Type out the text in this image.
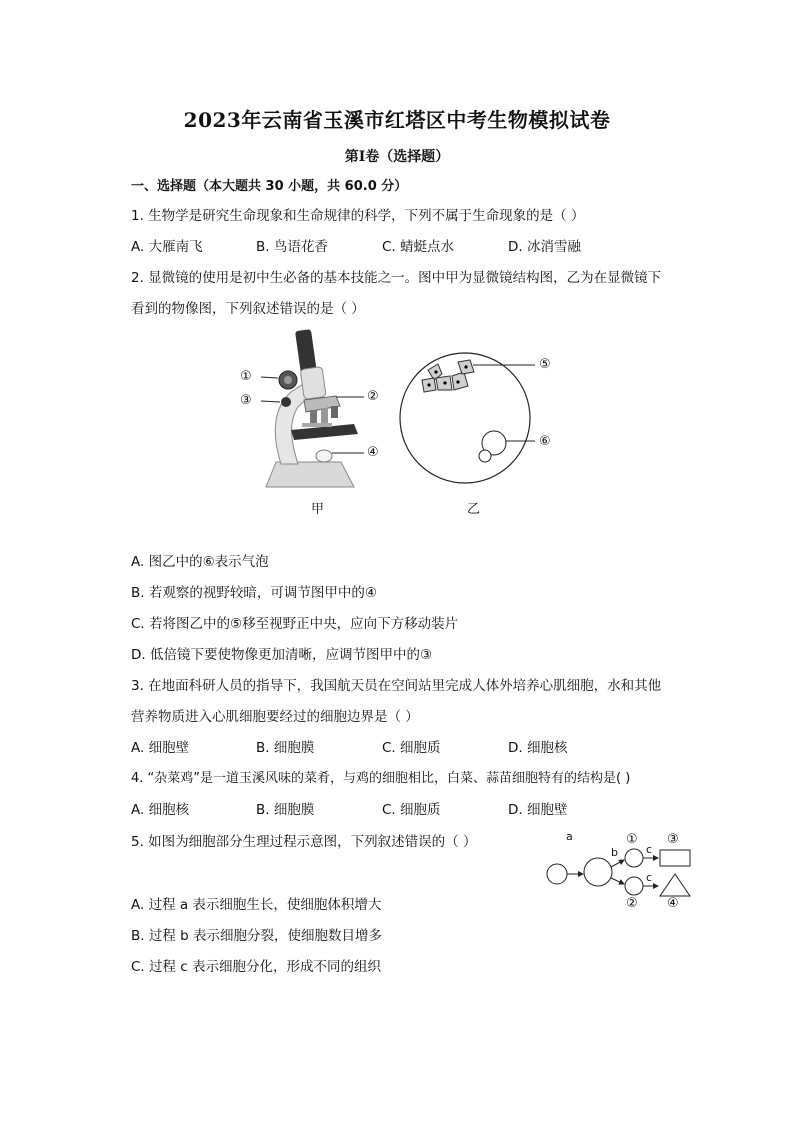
2023年云南省玉溪市红塔区中考生物模拟试卷
第Ⅰ卷（选择题）
一、选择题（本大题共 30 小题，共 60.0 分）
1. 生物学是研究生命现象和生命规律的科学，下列不属于生命现象的是（ ）
A. 大雁南飞	B. 鸟语花香	C. 蜻蜓点水	D. 冰消雪融
2. 显微镜的使用是初中生必备的基本技能之一。图中甲为显微镜结构图，乙为在显微镜下
看到的物像图，下列叙述错误的是（ ）
①
③	②
④
甲
⑤
⑥
乙
A. 图乙中的⑥表示气泡
B. 若观察的视野较暗，可调节图甲中的④
C. 若将图乙中的⑤移至视野正中央，应向下方移动装片
D. 低倍镜下要使物像更加清晰，应调节图甲中的③
3. 在地面科研人员的指导下，我国航天员在空间站里完成人体外培养心肌细胞，水和其他
营养物质进入心肌细胞要经过的细胞边界是（ ）
A. 细胞壁	B. 细胞膜	C. 细胞质	D. 细胞核
4. “杂菜鸡”是一道玉溪风味的菜肴，与鸡的细胞相比，白菜、蒜苗细胞特有的结构是( )
A. 细胞核	B. 细胞膜	C. 细胞质	D. 细胞壁
5. 如图为细胞部分生理过程示意图，下列叙述错误的（ ）	a
b	c
c
①
②
③
④
A. 过程 a 表示细胞生长，使细胞体积增大
B. 过程 b 表示细胞分裂，使细胞数目增多
C. 过程 c 表示细胞分化，形成不同的组织
